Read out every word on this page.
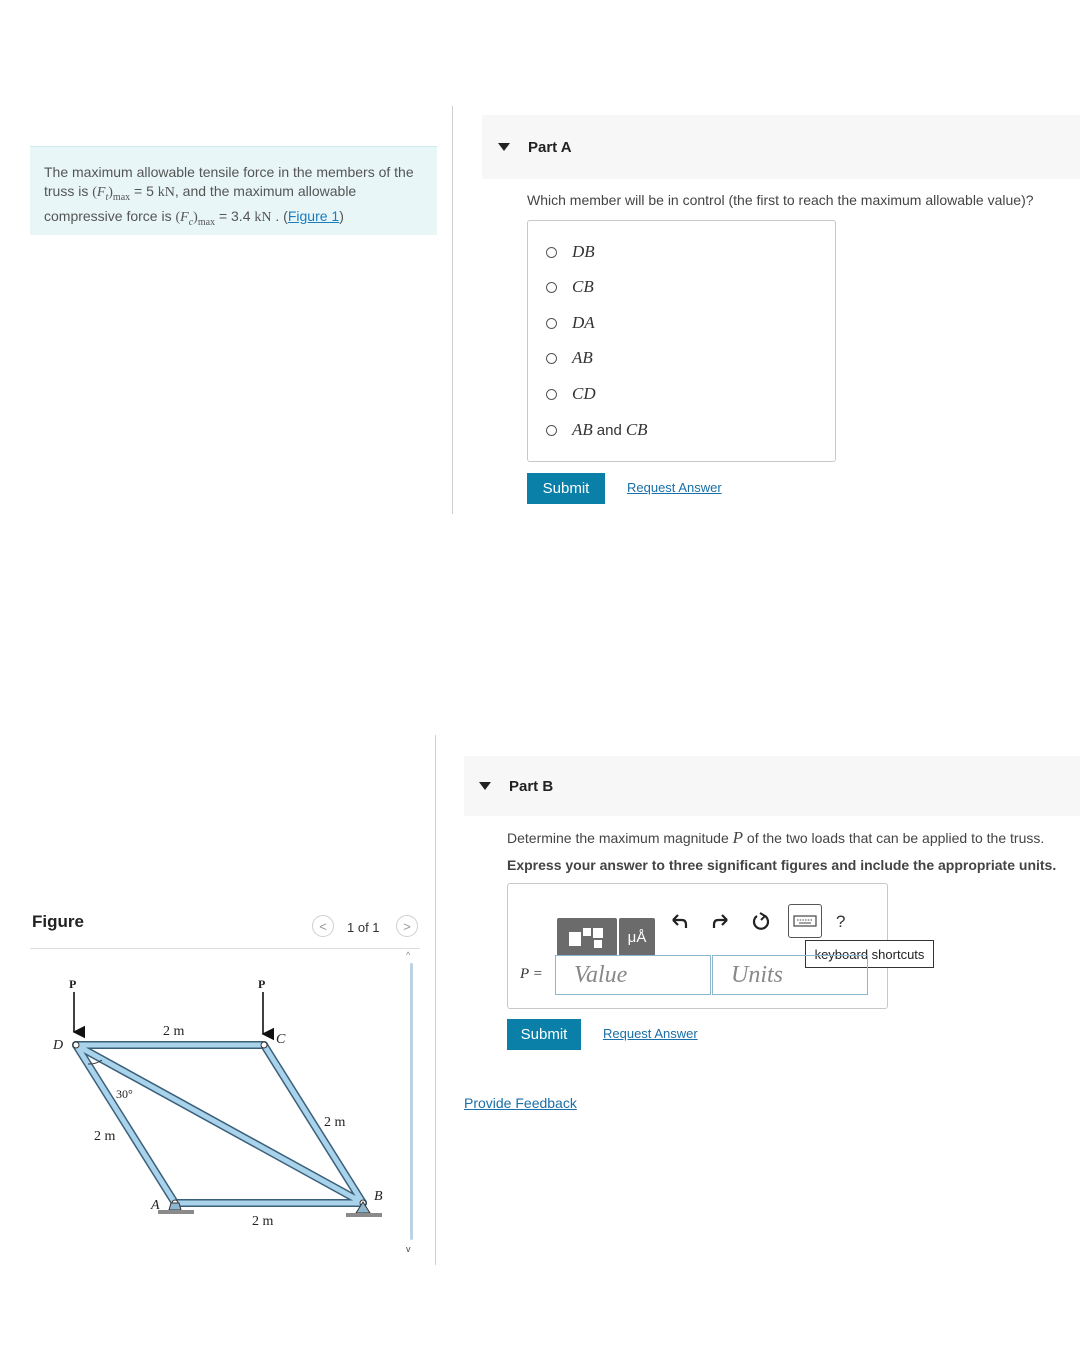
The maximum allowable tensile force in the members of the truss is $(F_t)_{max} = 5$ kN, and the maximum allowable compressive force is $(F_c)_{max} = 3.4$ kN . (Figure 1)
Part A
Which member will be in control (the first to reach the maximum allowable value)?
DB
CB
DA
AB
CD
AB and CB
Submit	Request Answer
Part B
Determine the maximum magnitude P of the two loads that can be applied to the truss.
Express your answer to three significant figures and include the appropriate units.
μÅ
?
keyboard shortcuts
P =	Value	Units
Submit	Request Answer
Provide Feedback
Figure	< 1 of 1 >
^
v
P	P
D	C
A
B
2 m
2 m
2 m
2 m
30°
